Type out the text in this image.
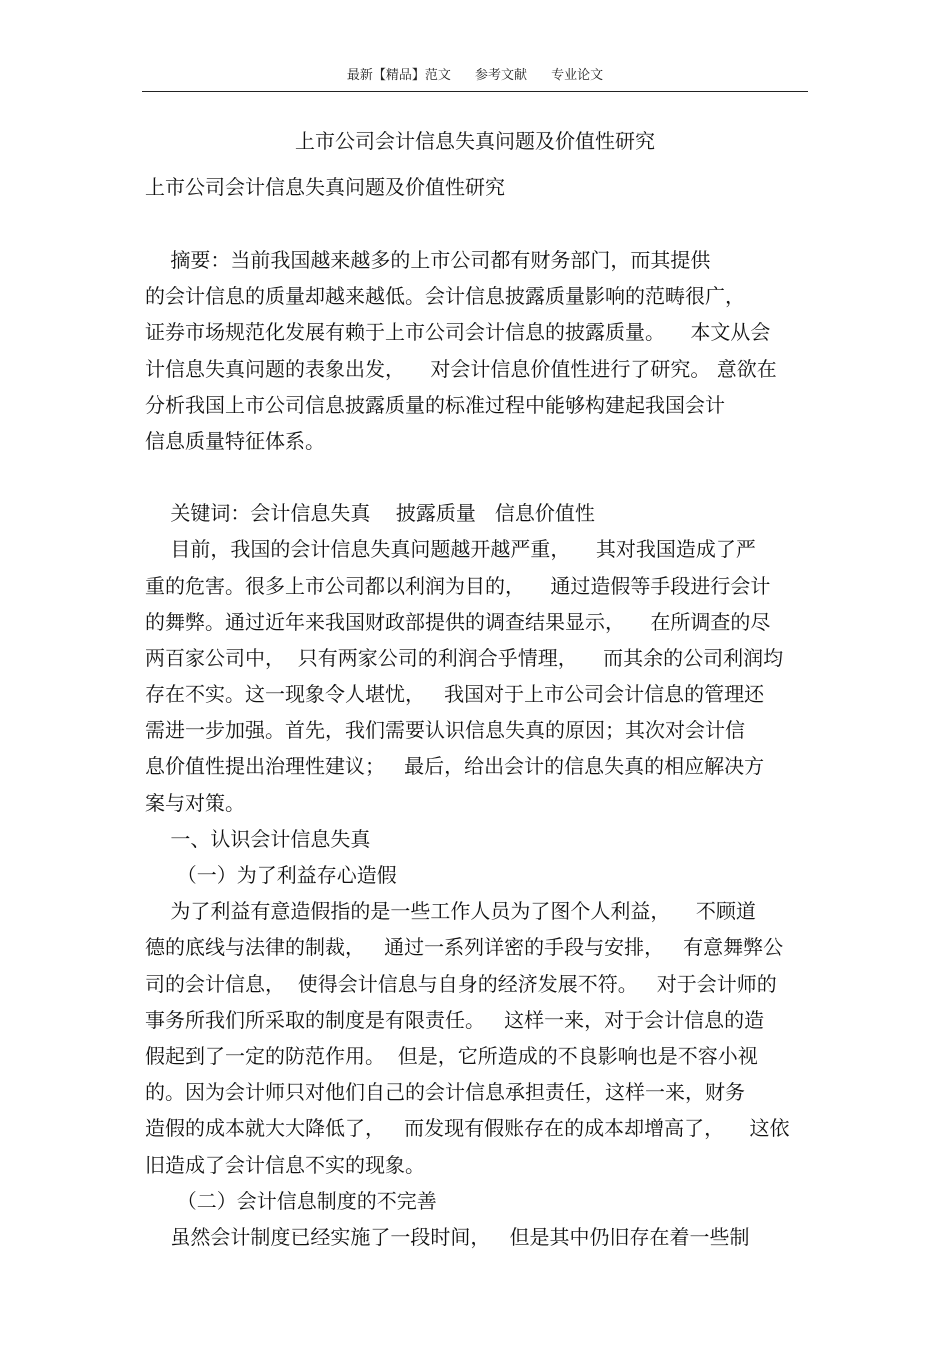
最新【精品】范文 参考文献 专业论文
上市公司会计信息失真问题及价值性研究
上市公司会计信息失真问题及价值性研究
摘要：当前我国越来越多的上市公司都有财务部门，而其提供
的会计信息的质量却越来越低。会计信息披露质量影响的范畴很广，
证券市场规范化发展有赖于上市公司会计信息的披露质量。    本文从会
计信息失真问题的表象出发，    对会计信息价值性进行了研究。 意欲在
分析我国上市公司信息披露质量的标准过程中能够构建起我国会计
信息质量特征体系。
关键词：会计信息失真    披露质量   信息价值性
目前，我国的会计信息失真问题越开越严重，    其对我国造成了严
重的危害。很多上市公司都以利润为目的，    通过造假等手段进行会计
的舞弊。通过近年来我国财政部提供的调查结果显示，    在所调查的尽
两百家公司中，  只有两家公司的利润合乎情理，    而其余的公司利润均
存在不实。这一现象令人堪忧，   我国对于上市公司会计信息的管理还
需进一步加强。首先，我们需要认识信息失真的原因；其次对会计信
息价值性提出治理性建议；   最后，给出会计的信息失真的相应解决方
案与对策。
一、认识会计信息失真
（一）为了利益存心造假
为了利益有意造假指的是一些工作人员为了图个人利益，    不顾道
德的底线与法律的制裁，   通过一系列详密的手段与安排，   有意舞弊公
司的会计信息，  使得会计信息与自身的经济发展不符。   对于会计师的
事务所我们所采取的制度是有限责任。   这样一来，对于会计信息的造
假起到了一定的防范作用。  但是，它所造成的不良影响也是不容小视
的。因为会计师只对他们自己的会计信息承担责任，这样一来，财务
造假的成本就大大降低了，   而发现有假账存在的成本却增高了，    这依
旧造成了会计信息不实的现象。
（二）会计信息制度的不完善
虽然会计制度已经实施了一段时间，   但是其中仍旧存在着一些制
